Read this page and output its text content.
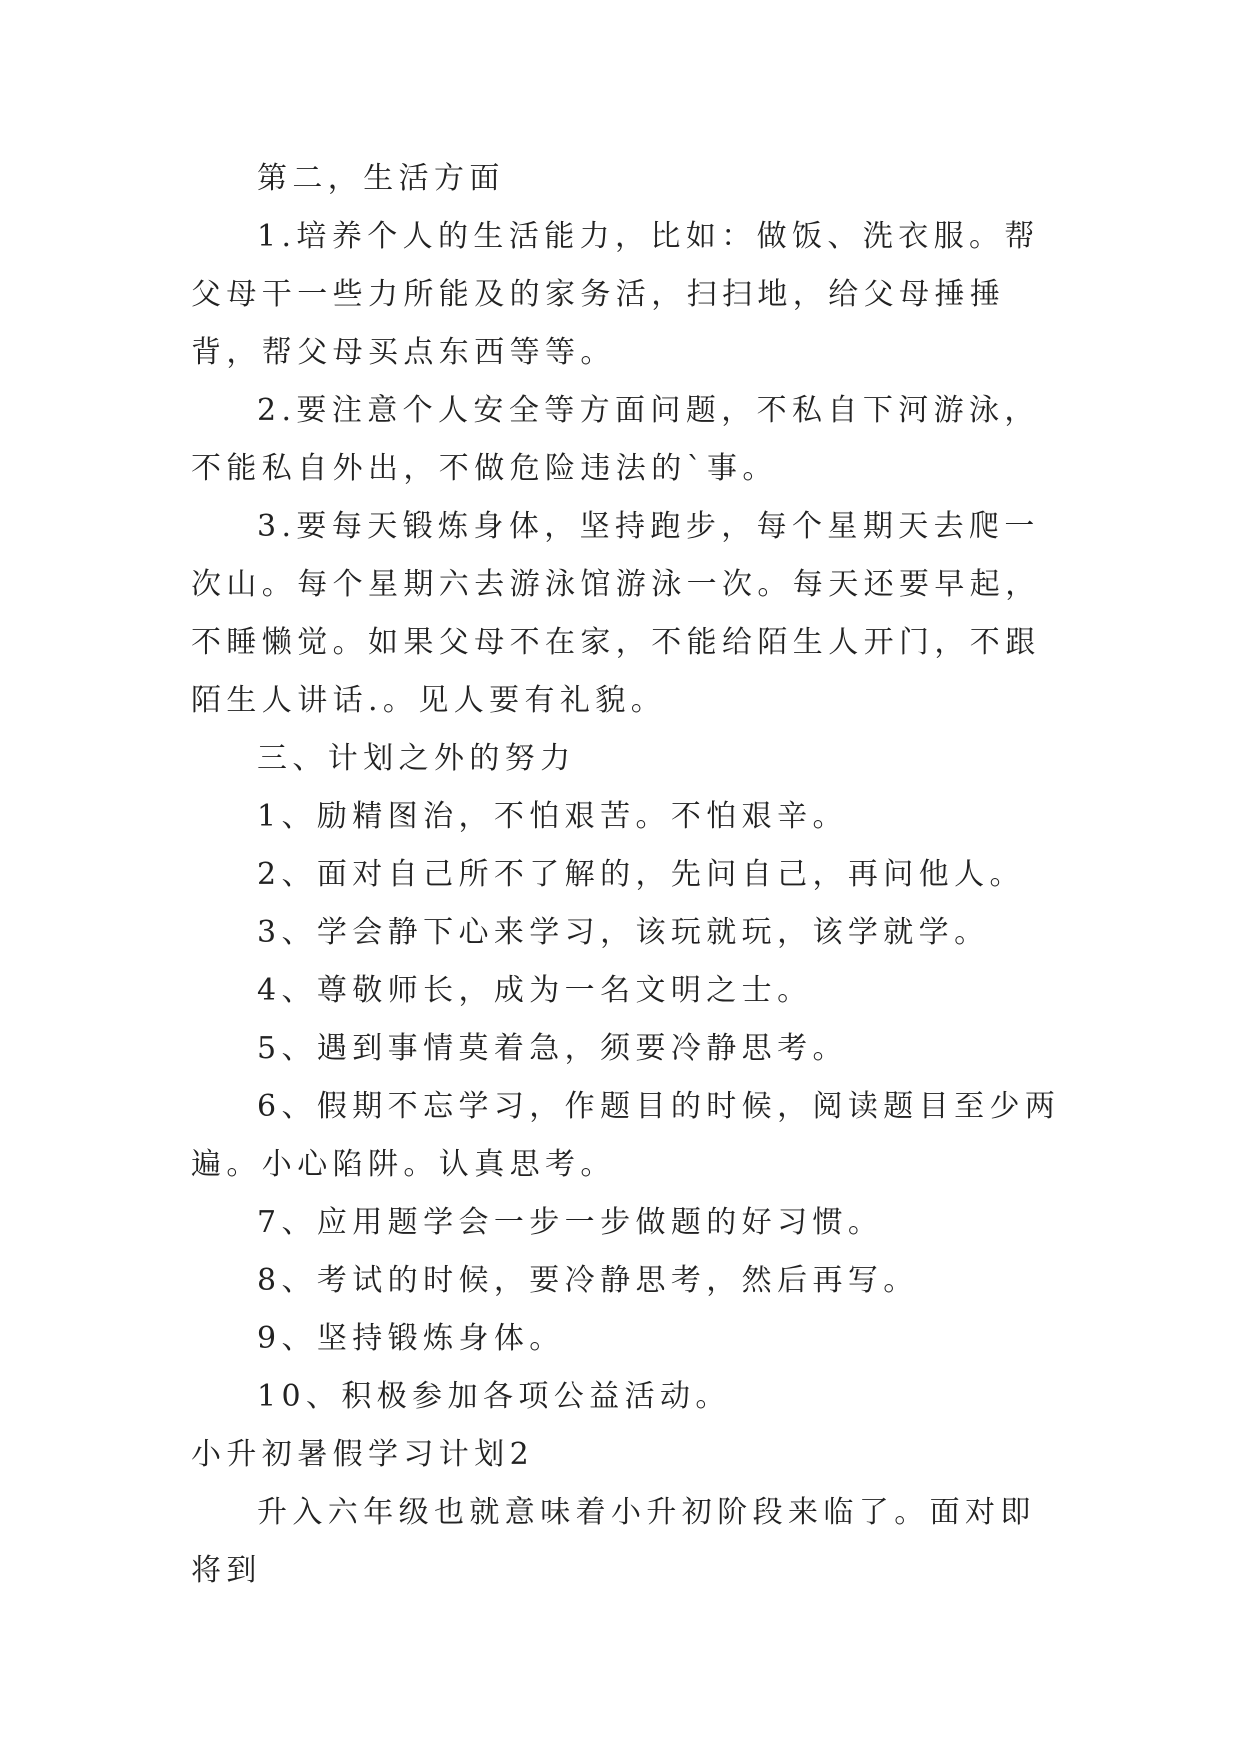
第二，生活方面

1.培养个人的生活能力，比如：做饭、洗衣服。帮父母干一些力所能及的家务活，扫扫地，给父母捶捶背，帮父母买点东西等等。

2.要注意个人安全等方面问题，不私自下河游泳，不能私自外出，不做危险违法的`事。

3.要每天锻炼身体，坚持跑步，每个星期天去爬一次山。每个星期六去游泳馆游泳一次。每天还要早起，不睡懒觉。如果父母不在家，不能给陌生人开门，不跟陌生人讲话.。见人要有礼貌。

三、计划之外的努力

1、励精图治，不怕艰苦。不怕艰辛。

2、面对自己所不了解的，先问自己，再问他人。

3、学会静下心来学习，该玩就玩，该学就学。

4、尊敬师长，成为一名文明之士。

5、遇到事情莫着急，须要冷静思考。

6、假期不忘学习，作题目的时候，阅读题目至少两遍。小心陷阱。认真思考。

7、应用题学会一步一步做题的好习惯。

8、考试的时候，要冷静思考，然后再写。

9、坚持锻炼身体。

10、积极参加各项公益活动。

小升初暑假学习计划2

升入六年级也就意味着小升初阶段来临了。面对即将到
